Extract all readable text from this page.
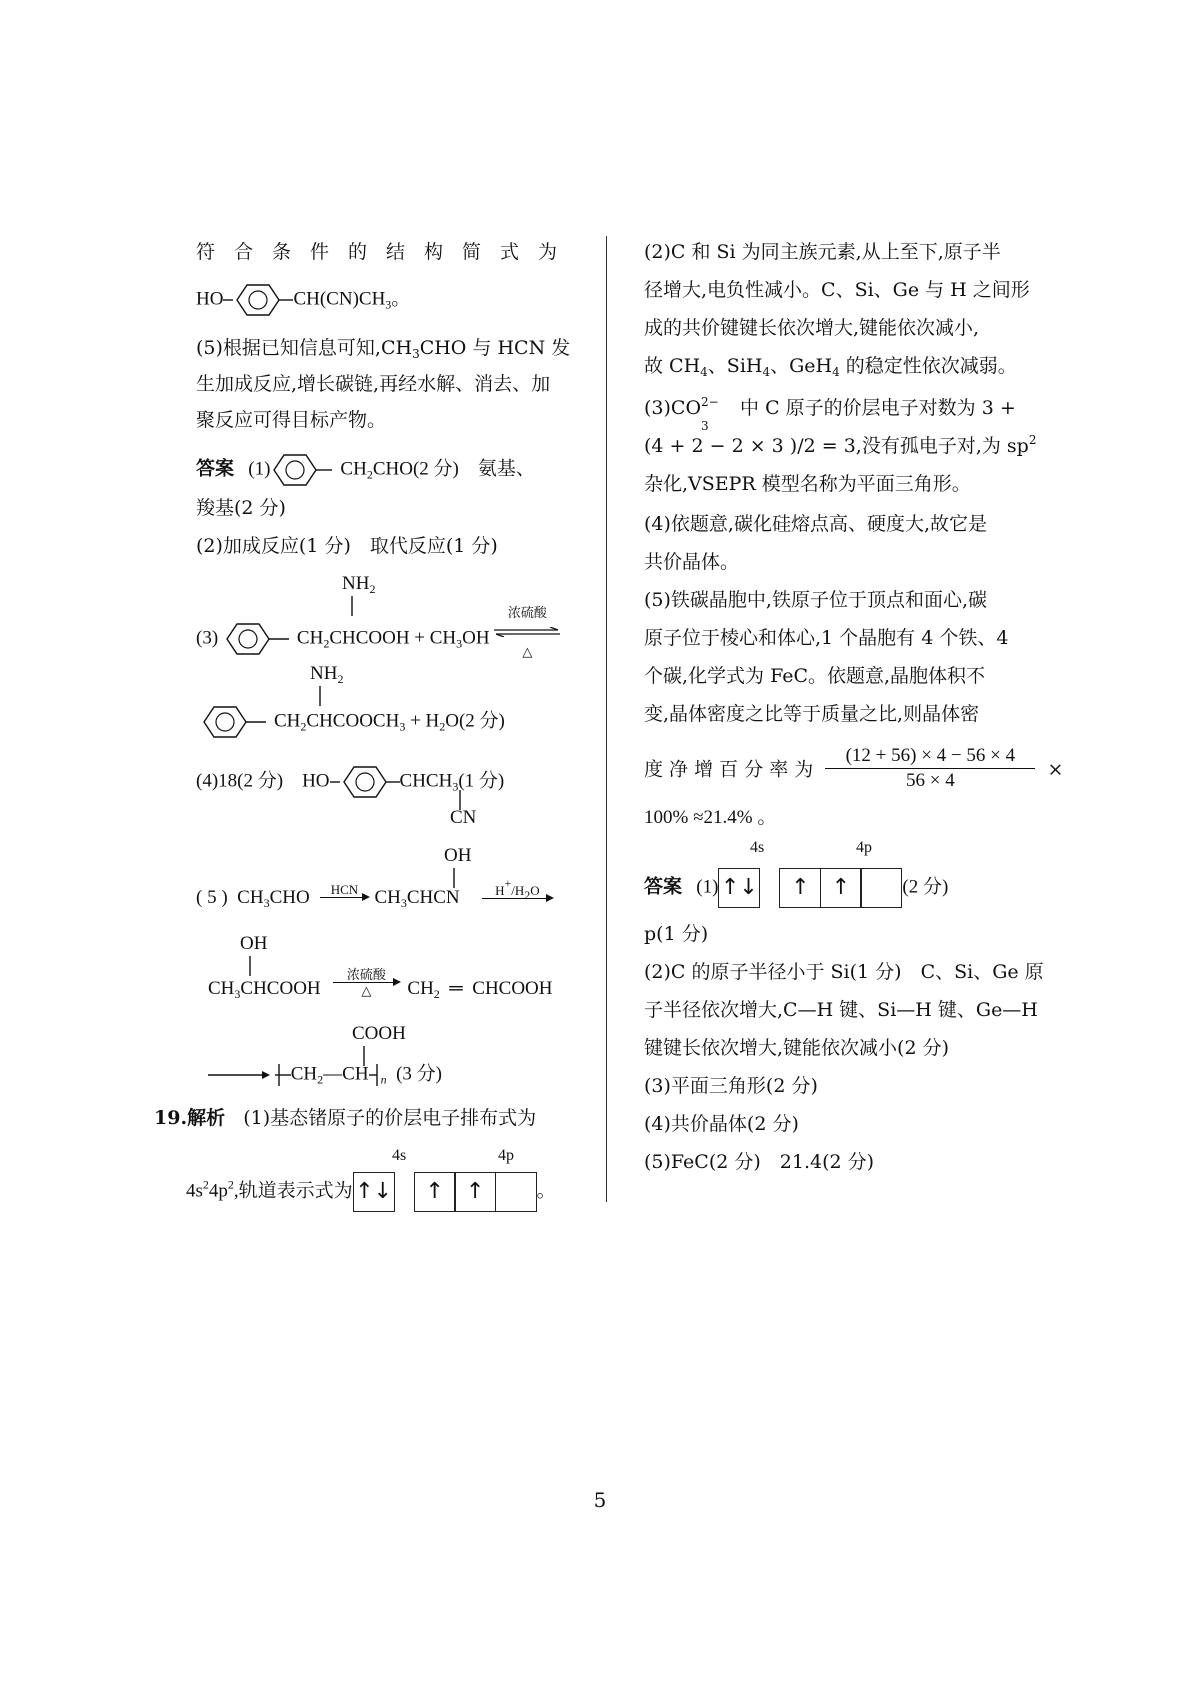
符　合　条　件　的　结　构　简　式　为
HO	$CH(CN)CH_3$。
(5)根据已知信息可知$,CH_3CHO$ 与 HCN 发
生加成反应,增长碳链,再经水解、消去、加
聚反应可得目标产物。
答案 (1)	$CH_2CHO(2$ 分)　氨基、
羧基(2 分)
(2)加成反应(1 分)　取代反应(1 分)
$NH_2$
(3)	$CH_2CHCOOH + CH_3OH$
浓硫酸
△
$NH_2$
$CH_2CHCOOCH_3 + H_2O(2$ 分)
(4)18(2 分) HO	$CHCH_3(1$ 分)
CN
OH
( 5 ) $CH_3CHO$	HCN $CH_3CHCN$	$H^+/H_2O$
OH
$CH_3CHCOOH$
浓硫酸
△	$CH_2$ ═ CHCOOH
COOH
$CH_2—CH$ $_n$ (3 分)
19.解析 (1)基态锗原子的价层电子排布式为
4s	4p
$4s^24p^2$,轨道表示式为 ↑↓
	↑	↑	。
(2)C 和 Si 为同主族元素,从上至下,原子半
径增大,电负性减小。C、Si、Ge 与 H 之间形
成的共价键键长依次增大,键能依次减小,
故 $CH_4$、SiH$_4$、GeH$_4$ 的稳定性依次减弱。
(3)CO 2−
3
　中 C 原子的价层电子对数为 3 +
(4 + 2 − 2 × 3 )/2 = 3,没有孤电子对,为 $sp^2$
杂化,VSEPR 模型名称为平面三角形。
(4)依题意,碳化硅熔点高、硬度大,故它是
共价晶体。
(5)铁碳晶胞中,铁原子位于顶点和面心,碳
原子位于棱心和体心,1 个晶胞有 4 个铁、4
个碳,化学式为 FeC。依题意,晶胞体积不
变,晶体密度之比等于质量之比,则晶体密
度 净 增 百 分 率 为 $\frac{(12 + 56) \times 4 - 56 \times 4}{56 \times 4}$ ×
100% ≈21.4% 。
4s	4p
答案 (1) ↑↓
	↑	↑	(2 分)
p(1 分)
(2)C 的原子半径小于 Si(1 分)　C、Si、Ge 原
子半径依次增大,C—H 键、Si—H 键、Ge—H
键键长依次增大,键能依次减小(2 分)
(3)平面三角形(2 分)
(4)共价晶体(2 分)
(5)FeC(2 分)　21.4(2 分)
5
